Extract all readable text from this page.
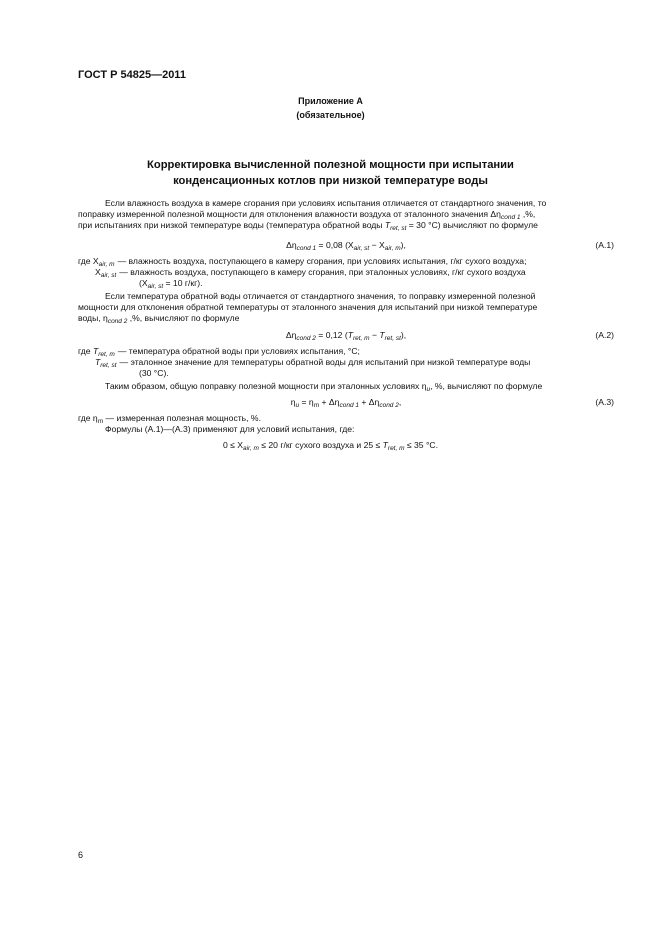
ГОСТ Р 54825—2011
Приложение А
(обязательное)
Корректировка вычисленной полезной мощности при испытании
конденсационных котлов при низкой температуре воды
Если влажность воздуха в камере сгорания при условиях испытания отличается от стандартного значения, то
поправку измеренной полезной мощности для отклонения влажности воздуха от эталонного значения $\Delta\eta_{cond 1}$ ,%,
при испытаниях при низкой температуре воды (температура обратной воды $T_{ret, st} = 30$ °С) вычисляют по формуле
$\Delta\eta_{cond 1} = 0,08$ $(X_{air, st} - X_{air, m})$,	(А.1)
где $X_{air, m}$ — влажность воздуха, поступающего в камеру сгорания, при условиях испытания, г/кг сухого воздуха;
$X_{air, st}$ — влажность воздуха, поступающего в камеру сгорания, при эталонных условиях, г/кг сухого воздуха
($X_{air, st} = 10$ г/кг).
Если температура обратной воды отличается от стандартного значения, то поправку измеренной полезной
мощности для отклонения обратной температуры от эталонного значения для испытаний при низкой температуре
воды, $\eta_{cond 2}$ ,%, вычисляют по формуле
$\Delta\eta_{cond 2} = 0,12$ $(T_{ret, m} - T_{ret, st})$,	(А.2)
где $T_{ret, m}$ — температура обратной воды при условиях испытания, °С;
$T_{ret, st}$ — эталонное значение для температуры обратной воды для испытаний при низкой температуре воды
(30 °С).
Таким образом, общую поправку полезной мощности при эталонных условиях $\eta_u$, %, вычисляют по формуле
$\eta_u = \eta_m + \Delta\eta_{cond 1} + \Delta\eta_{cond 2}$,	(А.3)
где $\eta_m$ — измеренная полезная мощность, %.
Формулы (А.1)—(А.3) применяют для условий испытания, где:
$0 \le X_{air, m} \le 20$ г/кг сухого воздуха и $25 \le T_{ret, m} \le 35$ °С.
6
